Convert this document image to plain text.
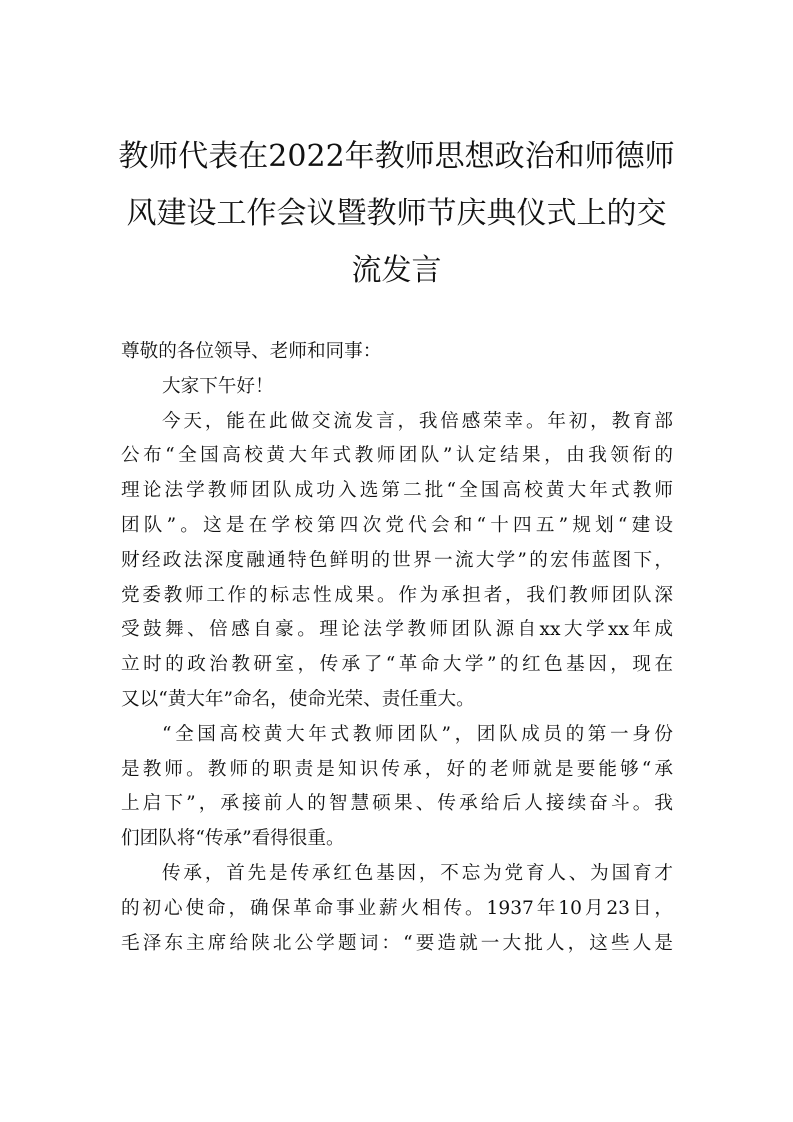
教师代表在2022年教师思想政治和师德师
风建设工作会议暨教师节庆典仪式上的交
流发言
尊敬的各位领导、老师和同事：
大家下午好！
今天，能在此做交流发言，我倍感荣幸。年初，教育部
公布“全国高校黄大年式教师团队”认定结果，由我领衔的
理论法学教师团队成功入选第二批“全国高校黄大年式教师
团队”。这是在学校第四次党代会和“十四五”规划“建设
财经政法深度融通特色鲜明的世界一流大学”的宏伟蓝图下，
党委教师工作的标志性成果。作为承担者，我们教师团队深
受鼓舞、倍感自豪。理论法学教师团队源自xx大学xx年成
立时的政治教研室，传承了“革命大学”的红色基因，现在
又以“黄大年”命名，使命光荣、责任重大。
“全国高校黄大年式教师团队”，团队成员的第一身份
是教师。教师的职责是知识传承，好的老师就是要能够“承
上启下”，承接前人的智慧硕果、传承给后人接续奋斗。我
们团队将“传承”看得很重。
传承，首先是传承红色基因，不忘为党育人、为国育才
的初心使命，确保革命事业薪火相传。1937年10月23日，
毛泽东主席给陕北公学题词：“要造就一大批人，这些人是
